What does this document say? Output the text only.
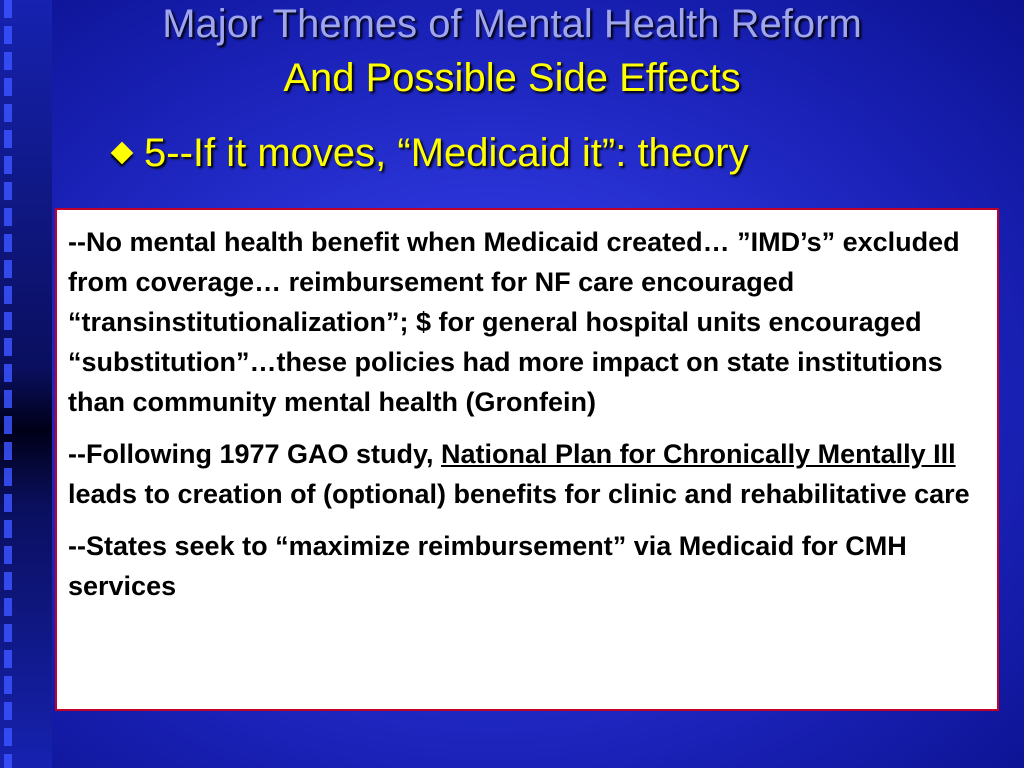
Major Themes of Mental Health Reform
And Possible Side Effects
5--If it moves, “Medicaid it”: theory

--No mental health benefit when Medicaid created… ”IMD’s” excluded from coverage… reimbursement for NF care encouraged “transinstitutionalization”; $ for general hospital units encouraged “substitution”…these policies had more impact on state institutions than community mental health (Gronfein)

--Following 1977 GAO study, National Plan for Chronically Mentally Ill leads to creation of (optional) benefits for clinic and rehabilitative care

--States seek to “maximize reimbursement” via Medicaid for CMH services
